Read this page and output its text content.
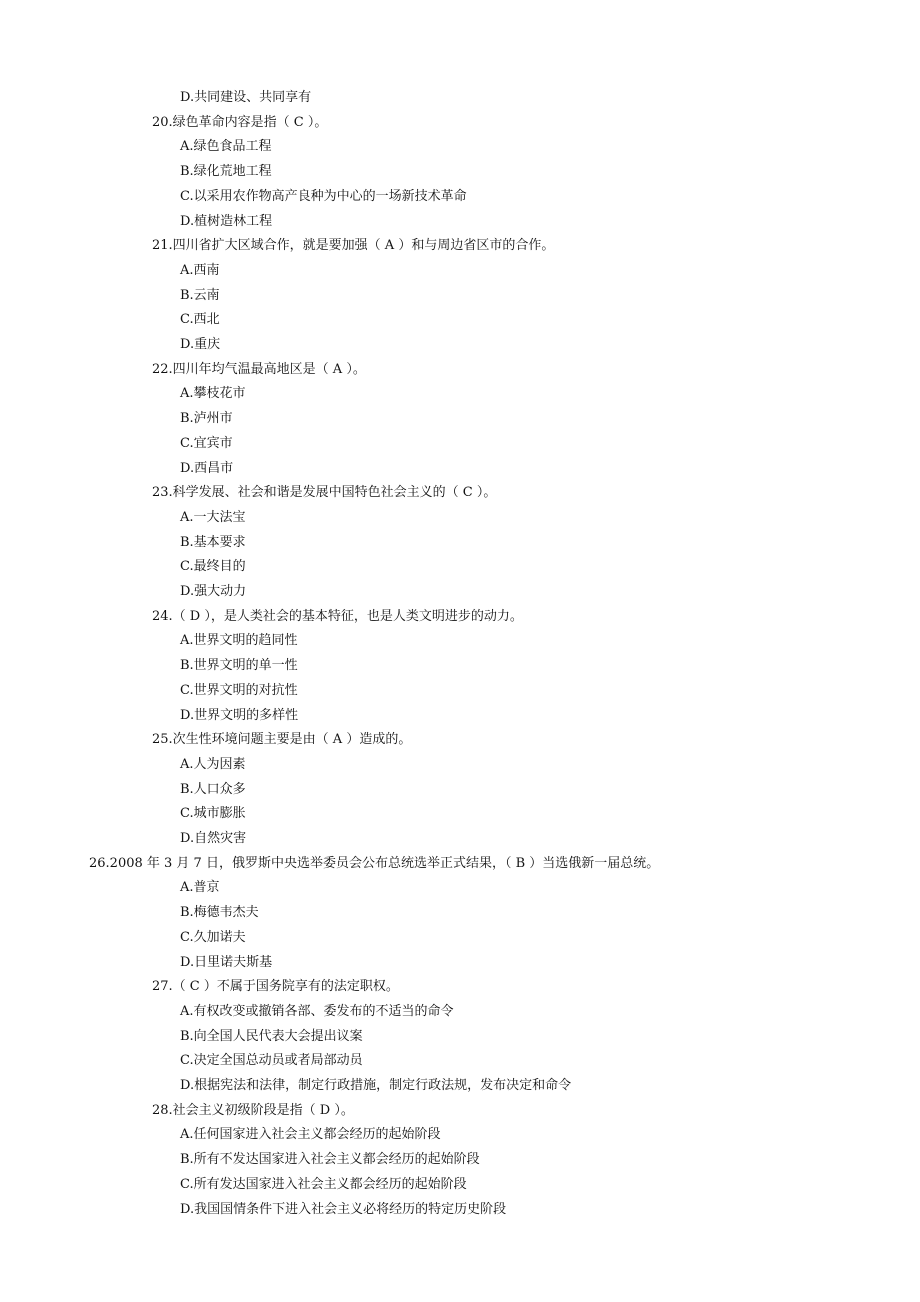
D.共同建设、共同享有
20.绿色革命内容是指（ C ）。
A.绿色食品工程
B.绿化荒地工程
C.以采用农作物高产良种为中心的一场新技术革命
D.植树造林工程
21.四川省扩大区域合作，就是要加强（ A ）和与周边省区市的合作。
A.西南
B.云南
C.西北
D.重庆
22.四川年均气温最高地区是（ A ）。
A.攀枝花市
B.泸州市
C.宜宾市
D.西昌市
23.科学发展、社会和谐是发展中国特色社会主义的（ C ）。
A.一大法宝
B.基本要求
C.最终目的
D.强大动力
24.（ D ），是人类社会的基本特征，也是人类文明进步的动力。
A.世界文明的趋同性
B.世界文明的单一性
C.世界文明的对抗性
D.世界文明的多样性
25.次生性环境问题主要是由（ A ）造成的。
A.人为因素
B.人口众多
C.城市膨胀
D.自然灾害
26.2008 年 3 月 7 日，俄罗斯中央选举委员会公布总统选举正式结果，（ B ）当选俄新一届总统。
A.普京
B.梅德韦杰夫
C.久加诺夫
D.日里诺夫斯基
27.（ C ）不属于国务院享有的法定职权。
A.有权改变或撤销各部、委发布的不适当的命令
B.向全国人民代表大会提出议案
C.决定全国总动员或者局部动员
D.根据宪法和法律，制定行政措施，制定行政法规，发布决定和命令
28.社会主义初级阶段是指（ D ）。
A.任何国家进入社会主义都会经历的起始阶段
B.所有不发达国家进入社会主义都会经历的起始阶段
C.所有发达国家进入社会主义都会经历的起始阶段
D.我国国情条件下进入社会主义必将经历的特定历史阶段
